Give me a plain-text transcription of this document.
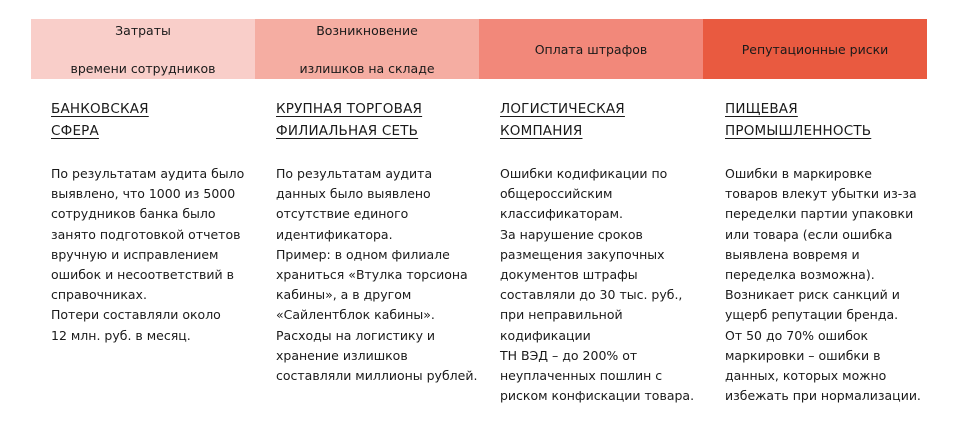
Затраты

времени сотрудников

Возникновение

излишков на складе

Оплата штрафов	Репутационные риски

БАНКОВСКАЯ
СФЕРА

По результатам аудита было

выявлено, что 1000 из 5000

сотрудников банка было

занято подготовкой отчетов

вручную и исправлением

ошибок и несоответствий в

справочниках.

Потери составляли около

12 млн. руб. в месяц.

КРУПНАЯ ТОРГОВАЯ
ФИЛИАЛЬНАЯ СЕТЬ

По результатам аудита

данных было выявлено

отсутствие единого

идентификатора.

Пример: в одном филиале

храниться «Втулка торсиона

кабины», а в другом

«Сайлентблок кабины».

Расходы на логистику и

хранение излишков

составляли миллионы рублей.

ЛОГИСТИЧЕСКАЯ
КОМПАНИЯ

Ошибки кодификации по

общероссийским

классификаторам.

За нарушение сроков

размещения закупочных

документов штрафы

составляли до 30 тыс. руб.,

при неправильной

кодификации

ТН ВЭД – до 200% от

неуплаченных пошлин с

риском конфискации товара.

ПИЩЕВАЯ
ПРОМЫШЛЕННОСТЬ

Ошибки в маркировке

товаров влекут убытки из-за

переделки партии упаковки

или товара (если ошибка

выявлена вовремя и

переделка возможна).

Возникает риск санкций и

ущерб репутации бренда.

От 50 до 70% ошибок

маркировки – ошибки в

данных, которых можно

избежать при нормализации.
